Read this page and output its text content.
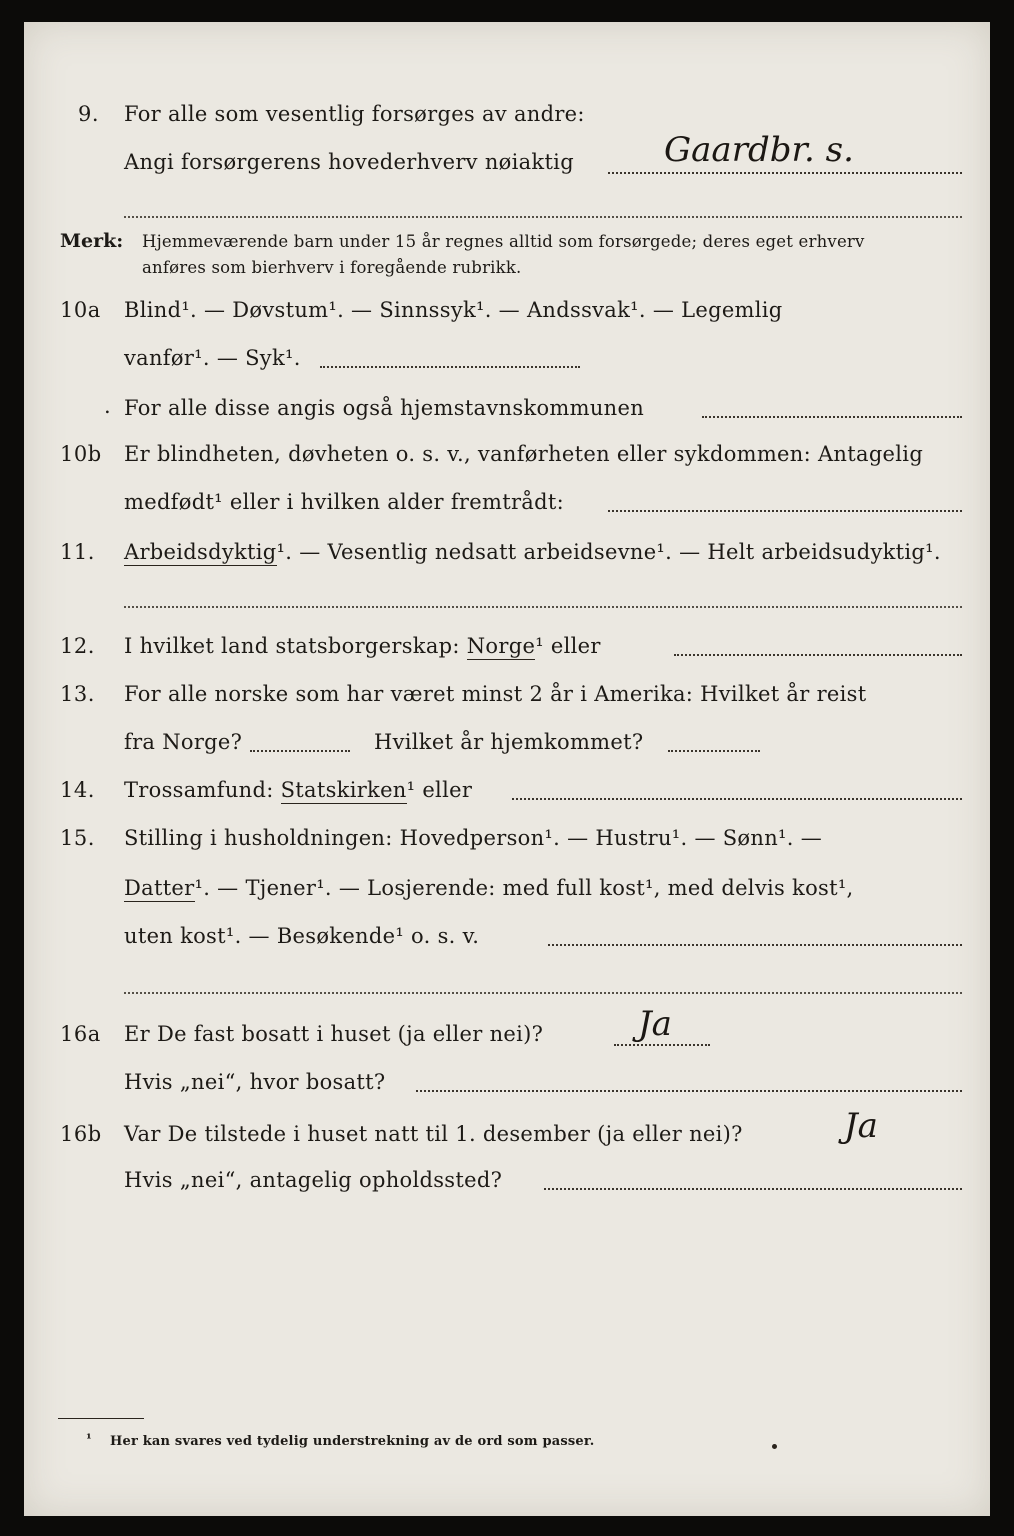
9. For alle som vesentlig forsørges av andre:
Gaardbr. s.
Angi forsørgerens hovederhverv nøiaktig
Merk: Hjemmeværende barn under 15 år regnes alltid som forsørgede; deres eget erhverv
anføres som bierhverv i foregående rubrikk.
10a Blind¹. — Døvstum¹. — Sinnssyk¹. — Andssvak¹. — Legemlig
vanfør¹. — Syk¹.
. For alle disse angis også hjemstavnskommunen
10b Er blindheten, døvheten o. s. v., vanførheten eller sykdommen: Antagelig
medfødt¹ eller i hvilken alder fremtrådt:
11. Arbeidsdyktig¹. — Vesentlig nedsatt arbeidsevne¹. — Helt arbeidsudyktig¹.
12. I hvilket land statsborgerskap: Norge¹ eller
13. For alle norske som har været minst 2 år i Amerika: Hvilket år reist
fra Norge?	Hvilket år hjemkommet?
14. Trossamfund: Statskirken¹ eller
15. Stilling i husholdningen: Hovedperson¹. — Hustru¹. — Sønn¹. —
Datter¹. — Tjener¹. — Losjerende: med full kost¹, med delvis kost¹,
uten kost¹. — Besøkende¹ o. s. v.
16a Er De fast bosatt i huset (ja eller nei)?	Ja
Hvis „nei“, hvor bosatt?
16b Var De tilstede i huset natt til 1. desember (ja eller nei)?	Ja
Hvis „nei“, antagelig opholdssted?
¹ Her kan svares ved tydelig understrekning av de ord som passer.
